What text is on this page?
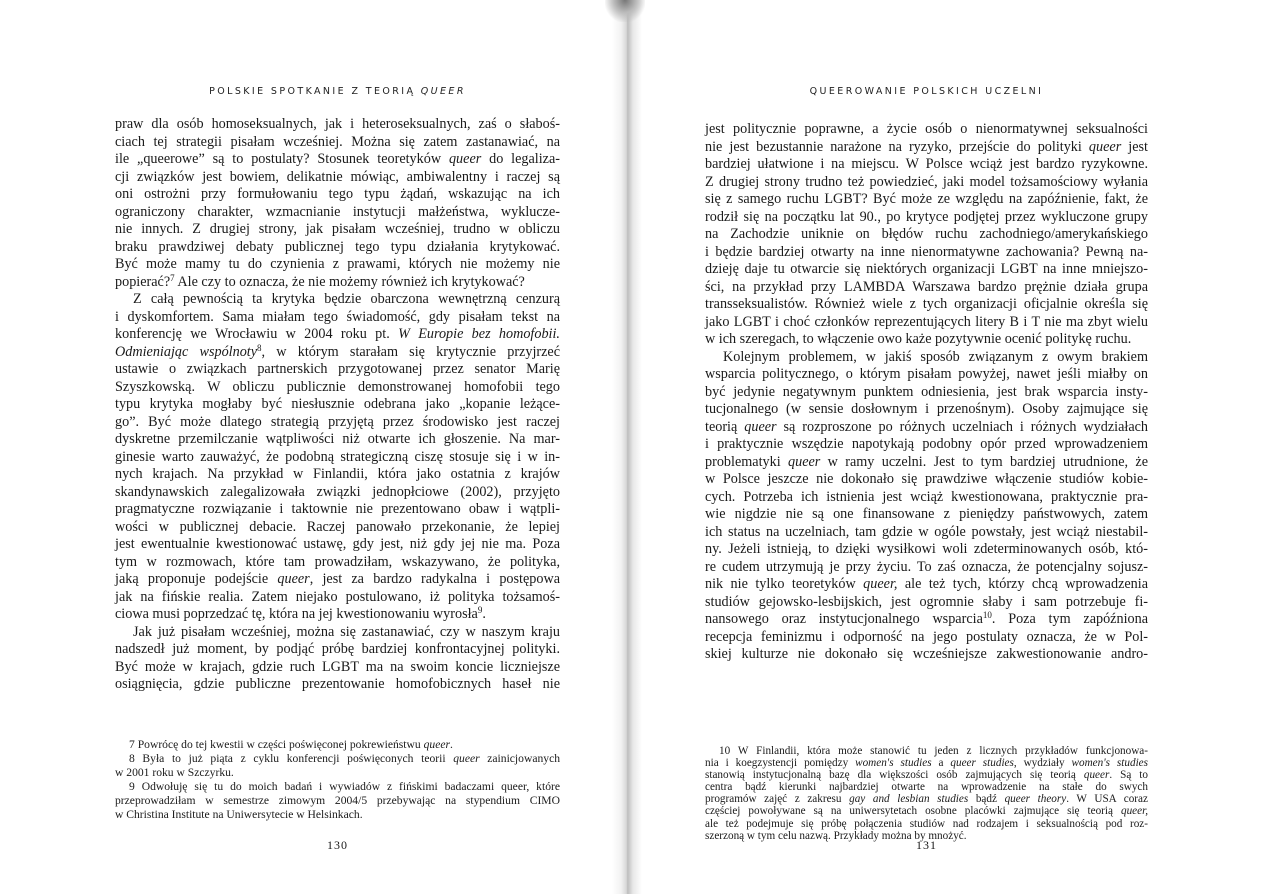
POLSKIE SPOTKANIE Z TEORIĄ QUEER
praw dla osób homoseksualnych, jak i heteroseksualnych, zaś o słaboś-
ciach tej strategii pisałam wcześniej. Można się zatem zastanawiać, na
ile „queerowe” są to postulaty? Stosunek teoretyków queer do legaliza-
cji związków jest bowiem, delikatnie mówiąc, ambiwalentny i raczej są
oni ostrożni przy formułowaniu tego typu żądań, wskazując na ich
ograniczony charakter, wzmacnianie instytucji małżeństwa, wyklucze-
nie innych. Z drugiej strony, jak pisałam wcześniej, trudno w obliczu
braku prawdziwej debaty publicznej tego typu działania krytykować.
Być może mamy tu do czynienia z prawami, których nie możemy nie
popierać?$^7$ Ale czy to oznacza, że nie możemy również ich krytykować?
Z całą pewnością ta krytyka będzie obarczona wewnętrzną cenzurą
i dyskomfortem. Sama miałam tego świadomość, gdy pisałam tekst na
konferencję we Wrocławiu w 2004 roku pt. W Europie bez homofobii.
Odmieniając wspólnoty$^8$, w którym starałam się krytycznie przyjrzeć
ustawie o związkach partnerskich przygotowanej przez senator Marię
Szyszkowską. W obliczu publicznie demonstrowanej homofobii tego
typu krytyka mogłaby być niesłusznie odebrana jako „kopanie leżące-
go”. Być może dlatego strategią przyjętą przez środowisko jest raczej
dyskretne przemilczanie wątpliwości niż otwarte ich głoszenie. Na mar-
ginesie warto zauważyć, że podobną strategiczną ciszę stosuje się i w in-
nych krajach. Na przykład w Finlandii, która jako ostatnia z krajów
skandynawskich zalegalizowała związki jednopłciowe (2002), przyjęto
pragmatyczne rozwiązanie i taktownie nie prezentowano obaw i wątpli-
wości w publicznej debacie. Raczej panowało przekonanie, że lepiej
jest ewentualnie kwestionować ustawę, gdy jest, niż gdy jej nie ma. Poza
tym w rozmowach, które tam prowadziłam, wskazywano, że polityka,
jaką proponuje podejście queer, jest za bardzo radykalna i postępowa
jak na fińskie realia. Zatem niejako postulowano, iż polityka tożsamoś-
ciowa musi poprzedzać tę, która na jej kwestionowaniu wyrosła$^9$.
Jak już pisałam wcześniej, można się zastanawiać, czy w naszym kraju
nadszedł już moment, by podjąć próbę bardziej konfrontacyjnej polityki.
Być może w krajach, gdzie ruch LGBT ma na swoim koncie liczniejsze
osiągnięcia, gdzie publiczne prezentowanie homofobicznych haseł nie
7 Powrócę do tej kwestii w części poświęconej pokrewieństwu queer.
8 Była to już piąta z cyklu konferencji poświęconych teorii queer zainicjowanych
w 2001 roku w Szczyrku.
9 Odwołuję się tu do moich badań i wywiadów z fińskimi badaczami queer, które
przeprowadziłam w semestrze zimowym 2004/5 przebywając na stypendium CIMO
w Christina Institute na Uniwersytecie w Helsinkach.
130
QUEEROWANIE POLSKICH UCZELNI
jest politycznie poprawne, a życie osób o nienormatywnej seksualności
nie jest bezustannie narażone na ryzyko, przejście do polityki queer jest
bardziej ułatwione i na miejscu. W Polsce wciąż jest bardzo ryzykowne.
Z drugiej strony trudno też powiedzieć, jaki model tożsamościowy wyłania
się z samego ruchu LGBT? Być może ze względu na zapóźnienie, fakt, że
rodził się na początku lat 90., po krytyce podjętej przez wykluczone grupy
na Zachodzie uniknie on błędów ruchu zachodniego/amerykańskiego
i będzie bardziej otwarty na inne nienormatywne zachowania? Pewną na-
dzieję daje tu otwarcie się niektórych organizacji LGBT na inne mniejszo-
ści, na przykład przy LAMBDA Warszawa bardzo prężnie działa grupa
transseksualistów. Również wiele z tych organizacji oficjalnie określa się
jako LGBT i choć członków reprezentujących litery B i T nie ma zbyt wielu
w ich szeregach, to włączenie owo każe pozytywnie ocenić politykę ruchu.
Kolejnym problemem, w jakiś sposób związanym z owym brakiem
wsparcia politycznego, o którym pisałam powyżej, nawet jeśli miałby on
być jedynie negatywnym punktem odniesienia, jest brak wsparcia insty-
tucjonalnego (w sensie dosłownym i przenośnym). Osoby zajmujące się
teorią queer są rozproszone po różnych uczelniach i różnych wydziałach
i praktycznie wszędzie napotykają podobny opór przed wprowadzeniem
problematyki queer w ramy uczelni. Jest to tym bardziej utrudnione, że
w Polsce jeszcze nie dokonało się prawdziwe włączenie studiów kobie-
cych. Potrzeba ich istnienia jest wciąż kwestionowana, praktycznie pra-
wie nigdzie nie są one finansowane z pieniędzy państwowych, zatem
ich status na uczelniach, tam gdzie w ogóle powstały, jest wciąż niestabil-
ny. Jeżeli istnieją, to dzięki wysiłkowi woli zdeterminowanych osób, któ-
re cudem utrzymują je przy życiu. To zaś oznacza, że potencjalny sojusz-
nik nie tylko teoretyków queer, ale też tych, którzy chcą wprowadzenia
studiów gejowsko-lesbijskich, jest ogromnie słaby i sam potrzebuje fi-
nansowego oraz instytucjonalnego wsparcia$^{10}$. Poza tym zapóźniona
recepcja feminizmu i odporność na jego postulaty oznacza, że w Pol-
skiej kulturze nie dokonało się wcześniejsze zakwestionowanie andro-
10 W Finlandii, która może stanowić tu jeden z licznych przykładów funkcjonowa-
nia i koegzystencji pomiędzy women's studies a queer studies, wydziały women's studies
stanowią instytucjonalną bazę dla większości osób zajmujących się teorią queer. Są to
centra bądź kierunki najbardziej otwarte na wprowadzenie na stałe do swych
programów zajęć z zakresu gay and lesbian studies bądź queer theory. W USA coraz
częściej powoływane są na uniwersytetach osobne placówki zajmujące się teorią queer,
ale też podejmuje się próbę połączenia studiów nad rodzajem i seksualnością pod roz-
szerzoną w tym celu nazwą. Przykłady można by mnożyć.
131
